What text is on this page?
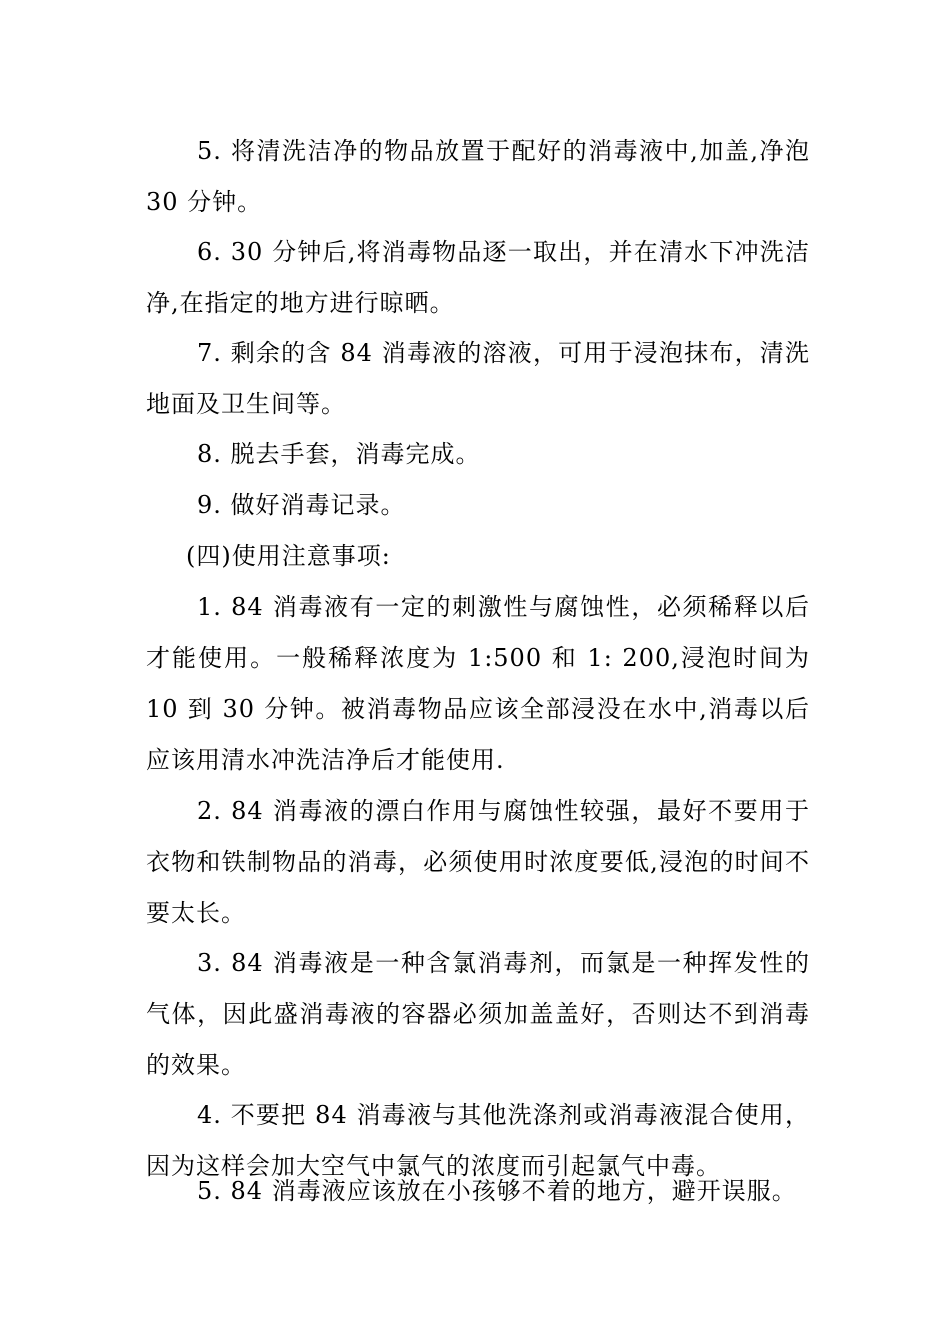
5. 将清洗洁净的物品放置于配好的消毒液中,加盖,净泡 30 分钟。

6. 30 分钟后,将消毒物品逐一取出，并在清水下冲洗洁净,在指定的地方进行晾晒。

7. 剩余的含 84 消毒液的溶液，可用于浸泡抹布，清洗地面及卫生间等。

8. 脱去手套，消毒完成。

9. 做好消毒记录。

(四)使用注意事项:

1. 84 消毒液有一定的刺激性与腐蚀性，必须稀释以后才能使用。一般稀释浓度为 1:500 和 1: 200,浸泡时间为 10 到 30 分钟。被消毒物品应该全部浸没在水中,消毒以后应该用清水冲洗洁净后才能使用.

2. 84 消毒液的漂白作用与腐蚀性较强，最好不要用于衣物和铁制物品的消毒，必须使用时浓度要低,浸泡的时间不要太长。

3. 84 消毒液是一种含氯消毒剂，而氯是一种挥发性的气体，因此盛消毒液的容器必须加盖盖好，否则达不到消毒的效果。

4. 不要把 84 消毒液与其他洗涤剂或消毒液混合使用，因为这样会加大空气中氯气的浓度而引起氯气中毒。

5. 84 消毒液应该放在小孩够不着的地方，避开误服。
